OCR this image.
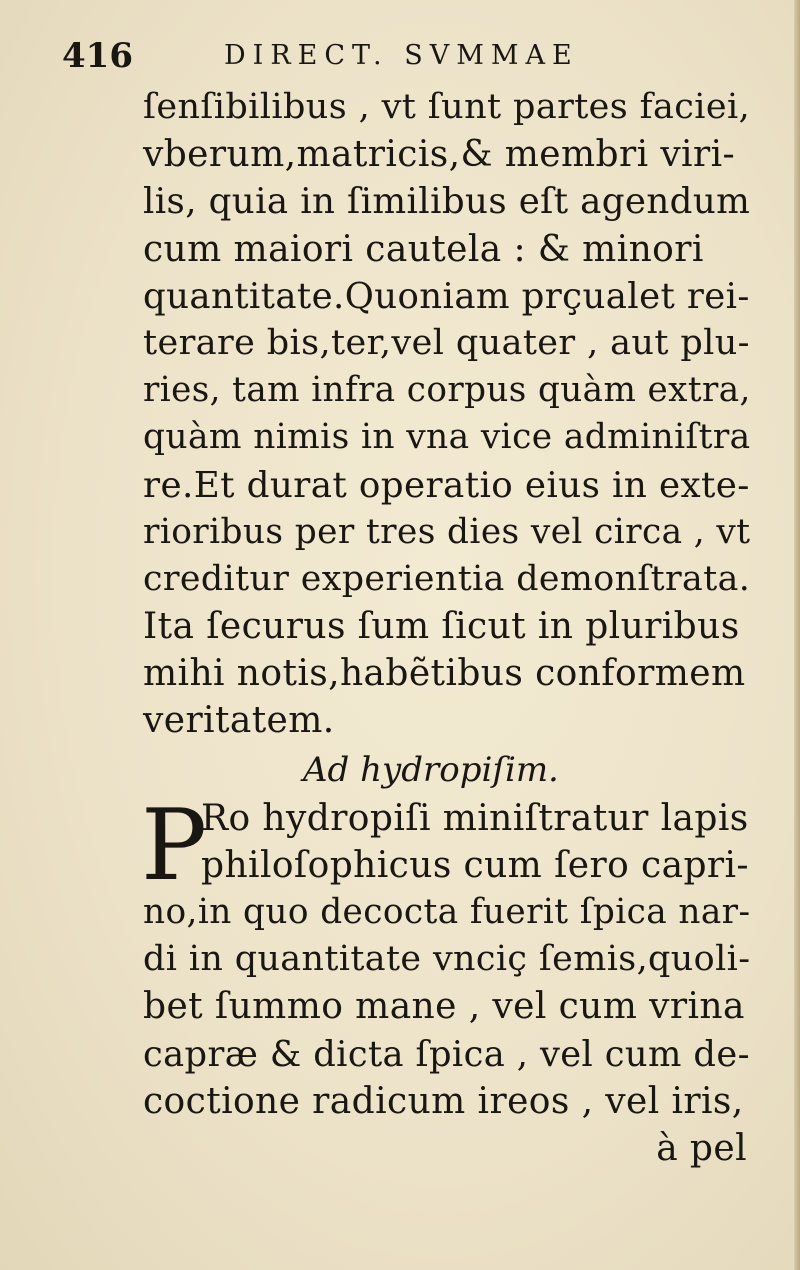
416	DIRECT. SVMMAE
ſenſibilibus , vt ſunt partes faciei,
vberum,matricis,& membri viri-
lis, quia in ſimilibus eſt agendum
cum maiori cautela : & minori
quantitate.Quoniam prçualet rei-
terare bis,ter,vel quater , aut plu-
ries, tam infra corpus quàm extra,
quàm nimis in vna vice adminiſtra
re.Et durat operatio eius in exte-
rioribus per tres dies vel circa , vt
creditur experientia demonſtrata.
Ita ſecurus ſum ſicut in pluribus
mihi notis,habẽtibus conformem
veritatem.
Ad hydropiſim.
P
Ro hydropiſi miniſtratur lapis
philoſophicus cum ſero capri-
no,in quo decocta fuerit ſpica nar-
di in quantitate vnciç ſemis,quoli-
bet ſummo mane , vel cum vrina
capræ & dicta ſpica , vel cum de-
coctione radicum ireos , vel iris,
à pel
